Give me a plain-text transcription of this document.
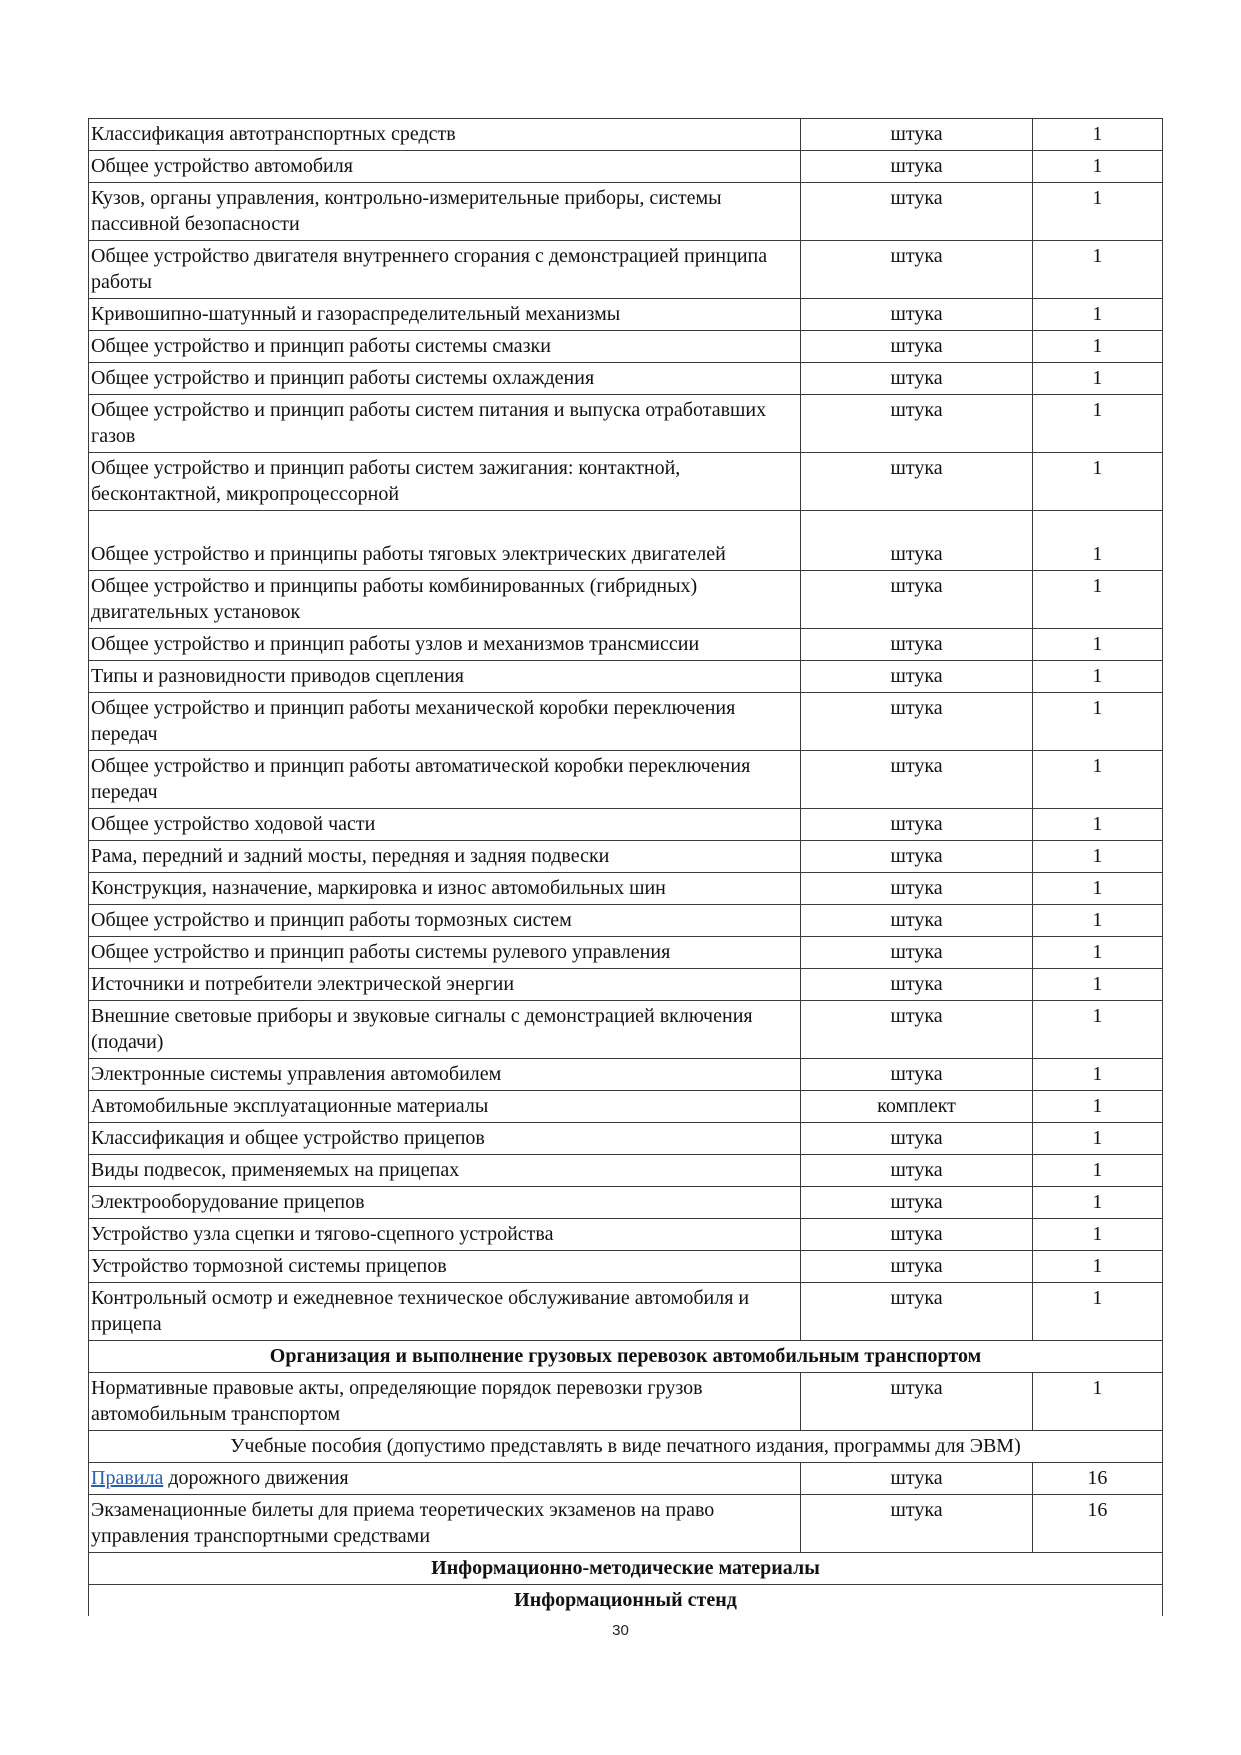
Классификация автотранспортных средств	штука	1
Общее устройство автомобиля	штука	1
Кузов, органы управления, контрольно-измерительные приборы, системы пассивной безопасности	штука	1
Общее устройство двигателя внутреннего сгорания с демонстрацией принципа работы	штука	1
Кривошипно-шатунный и газораспределительный механизмы	штука	1
Общее устройство и принцип работы системы смазки	штука	1
Общее устройство и принцип работы системы охлаждения	штука	1
Общее устройство и принцип работы систем питания и выпуска отработавших газов	штука	1
Общее устройство и принцип работы систем зажигания: контактной, бесконтактной, микропроцессорной	штука	1
Общее устройство и принципы работы тяговых электрических двигателей	штука	1
Общее устройство и принципы работы комбинированных (гибридных) двигательных установок	штука	1
Общее устройство и принцип работы узлов и механизмов трансмиссии	штука	1
Типы и разновидности приводов сцепления	штука	1
Общее устройство и принцип работы механической коробки переключения передач	штука	1
Общее устройство и принцип работы автоматической коробки переключения передач	штука	1
Общее устройство ходовой части	штука	1
Рама, передний и задний мосты, передняя и задняя подвески	штука	1
Конструкция, назначение, маркировка и износ автомобильных шин	штука	1
Общее устройство и принцип работы тормозных систем	штука	1
Общее устройство и принцип работы системы рулевого управления	штука	1
Источники и потребители электрической энергии	штука	1
Внешние световые приборы и звуковые сигналы с демонстрацией включения (подачи)	штука	1
Электронные системы управления автомобилем	штука	1
Автомобильные эксплуатационные материалы	комплект	1
Классификация и общее устройство прицепов	штука	1
Виды подвесок, применяемых на прицепах	штука	1
Электрооборудование прицепов	штука	1
Устройство узла сцепки и тягово-сцепного устройства	штука	1
Устройство тормозной системы прицепов	штука	1
Контрольный осмотр и ежедневное техническое обслуживание автомобиля и прицепа	штука	1
Организация и выполнение грузовых перевозок автомобильным транспортом		
Нормативные правовые акты, определяющие порядок перевозки грузов автомобильным транспортом	штука	1
Учебные пособия (допустимо представлять в виде печатного издания, программы для ЭВМ)		
Правила дорожного движения	штука	16
Экзаменационные билеты для приема теоретических экзаменов на право управления транспортными средствами	штука	16
Информационно-методические материалы		
Информационный стенд		
30
